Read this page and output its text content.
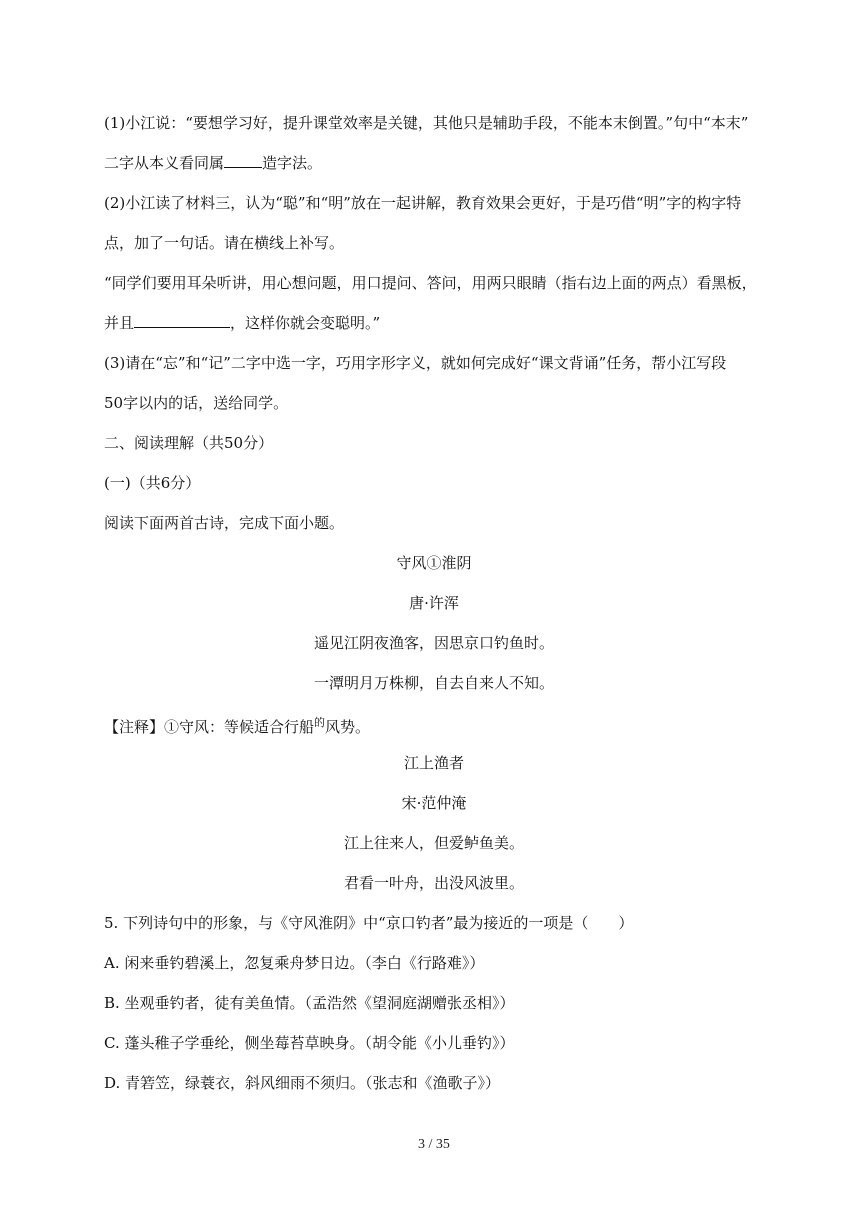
(1)小江说：“要想学习好，提升课堂效率是关键，其他只是辅助手段，不能本末倒置。”句中“本末”
二字从本义看同属	造字法。
(2)小江读了材料三，认为“聪”和“明”放在一起讲解，教育效果会更好，于是巧借“明”字的构字特
点，加了一句话。请在横线上补写。
“同学们要用耳朵听讲，用心想问题，用口提问、答问，用两只眼睛（指右边上面的两点）看黑板，
并且	，这样你就会变聪明。”
(3)请在“忘”和“记”二字中选一字，巧用字形字义，就如何完成好“课文背诵”任务，帮小江写段
50字以内的话，送给同学。
二、阅读理解（共50分）
(一)（共6分）
阅读下面两首古诗，完成下面小题。
守风①淮阴
唐·许浑
遥见江阴夜渔客，因思京口钓鱼时。
一潭明月万株柳，自去自来人不知。
【注释】①守风：等候适合行船$^的$风势。
江上渔者
宋·范仲淹
江上往来人，但爱鲈鱼美。
君看一叶舟，出没风波里。
5. 下列诗句中的形象，与《守风淮阴》中“京口钓者”最为接近的一项是（　　）
A. 闲来垂钓碧溪上，忽复乘舟梦日边。（李白《行路难》）
B. 坐观垂钓者，徒有美鱼情。（孟浩然《望洞庭湖赠张丞相》）
C. 蓬头稚子学垂纶，侧坐莓苔草映身。（胡令能《小儿垂钓》）
D. 青箬笠，绿蓑衣，斜风细雨不须归。（张志和《渔歌子》）
3 / 35
